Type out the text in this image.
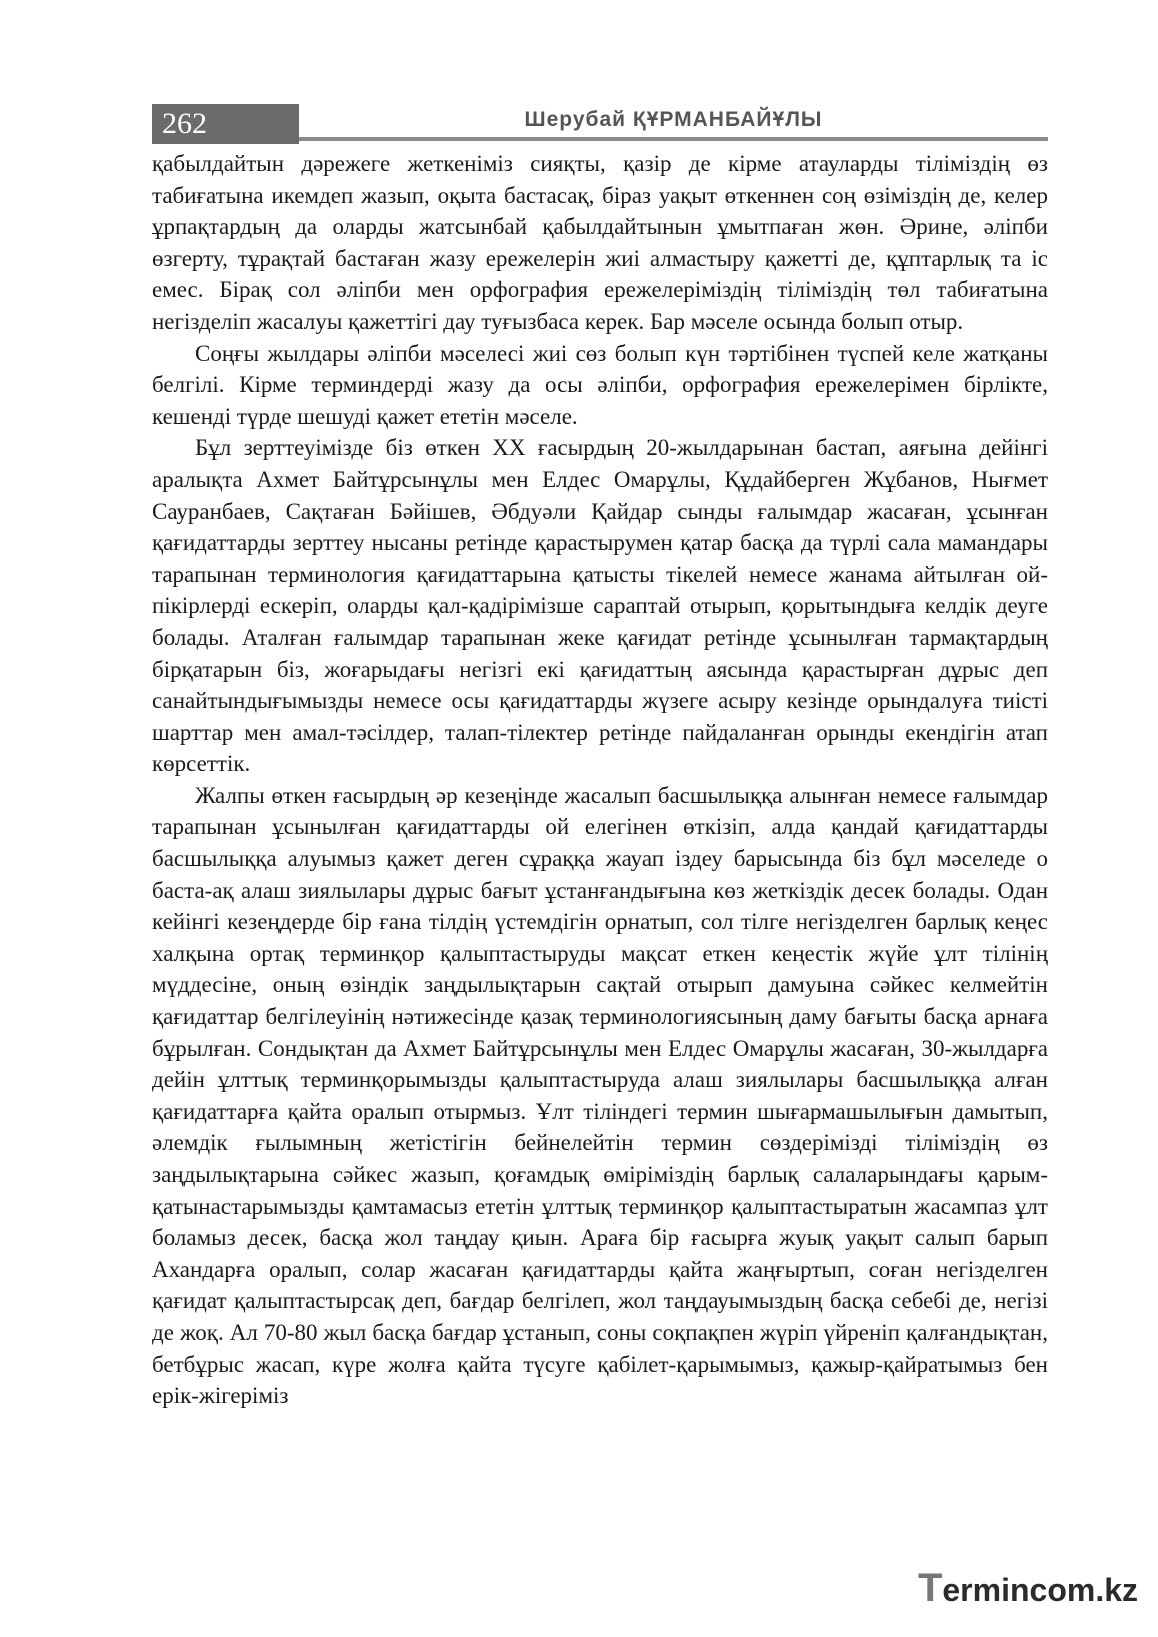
262	Шерубай ҚҰРМАНБАЙҰЛЫ

қабылдайтын дәрежеге жеткеніміз сияқты, қазір де кірме атауларды тіліміздің өз табиғатына икемдеп жазып, оқыта бастасақ, біраз уақыт өткеннен соң өзіміздің де, келер ұрпақтардың да оларды жатсынбай қабылдайтынын ұмытпаған жөн. Әрине, әліпби өзгерту, тұрақтай бастаған жазу ережелерін жиі алмастыру қажетті де, құптарлық та іс емес. Бірақ сол әліпби мен орфография ережелеріміздің тіліміздің төл табиғатына негізделіп жасалуы қажеттігі дау туғызбаса керек. Бар мәселе осында болып отыр.

Соңғы жылдары әліпби мәселесі жиі сөз болып күн тәртібінен түспей келе жатқаны белгілі. Кірме терминдерді жазу да осы әліпби, орфография ережелерімен бірлікте, кешенді түрде шешуді қажет ететін мәселе.

Бұл зерттеуімізде біз өткен ХХ ғасырдың 20-жылдарынан бастап, аяғына дейінгі аралықта Ахмет Байтұрсынұлы мен Елдес Омарұлы, Құдайберген Жұбанов, Нығмет Сауранбаев, Сақтаған Бәйішев, Әбдуәли Қайдар сынды ғалымдар жасаған, ұсынған қағидаттарды зерттеу нысаны ретінде қарастырумен қатар басқа да түрлі сала мамандары тарапынан терминология қағидаттарына қатысты тікелей немесе жанама айтылған ой-пікірлерді ескеріп, оларды қал-қадірімізше сараптай отырып, қорытындыға келдік деуге болады. Аталған ғалымдар тарапынан жеке қағидат ретінде ұсынылған тармақтардың бірқатарын біз, жоғарыдағы негізгі екі қағидаттың аясында қарастырған дұрыс деп санайтындығымызды немесе осы қағидаттарды жүзеге асыру кезінде орындалуға тиісті шарттар мен амал-тәсілдер, талап-тілектер ретінде пайдаланған орынды екендігін атап көрсеттік.

Жалпы өткен ғасырдың әр кезеңінде жасалып басшылыққа алынған немесе ғалымдар тарапынан ұсынылған қағидаттарды ой елегінен өткізіп, алда қандай қағидаттарды басшылыққа алуымыз қажет деген сұраққа жауап іздеу барысында біз бұл мәселеде о баста-ақ алаш зиялылары дұрыс бағыт ұстанғандығына көз жеткіздік десек болады. Одан кейінгі кезеңдерде бір ғана тілдің үстемдігін орнатып, сол тілге негізделген барлық кеңес халқына ортақ терминқор қалыптастыруды мақсат еткен кеңестік жүйе ұлт тілінің мүддесіне, оның өзіндік заңдылықтарын сақтай отырып дамуына сәйкес келмейтін қағидаттар белгілеуінің нәтижесінде қазақ терминологиясының даму бағыты басқа арнаға бұрылған. Сондықтан да Ахмет Байтұрсынұлы мен Елдес Омарұлы жасаған, 30-жылдарға дейін ұлттық терминқорымызды қалыптастыруда алаш зиялылары басшылыққа алған қағидаттарға қайта оралып отырмыз. Ұлт тіліндегі термин шығармашылығын дамытып, әлемдік ғылымның жетістігін бейнелейтін термин сөздерімізді тіліміздің өз заңдылықтарына сәйкес жазып, қоғамдық өміріміздің барлық салаларындағы қарым-қатынастарымызды қамтамасыз ететін ұлттық терминқор қалыптастыратын жасампаз ұлт боламыз десек, басқа жол таңдау қиын. Араға бір ғасырға жуық уақыт салып барып Ахандарға оралып, солар жасаған қағидаттарды қайта жаңғыртып, соған негізделген қағидат қалыптастырсақ деп, бағдар белгілеп, жол таңдауымыздың басқа себебі де, негізі де жоқ. Ал 70-80 жыл басқа бағдар ұстанып, соны соқпақпен жүріп үйреніп қалғандықтан, бетбұрыс жасап, күре жолға қайта түсуге қабілет-қарымымыз, қажыр-қайратымыз бен ерік-жігеріміз

Termincom.kz
